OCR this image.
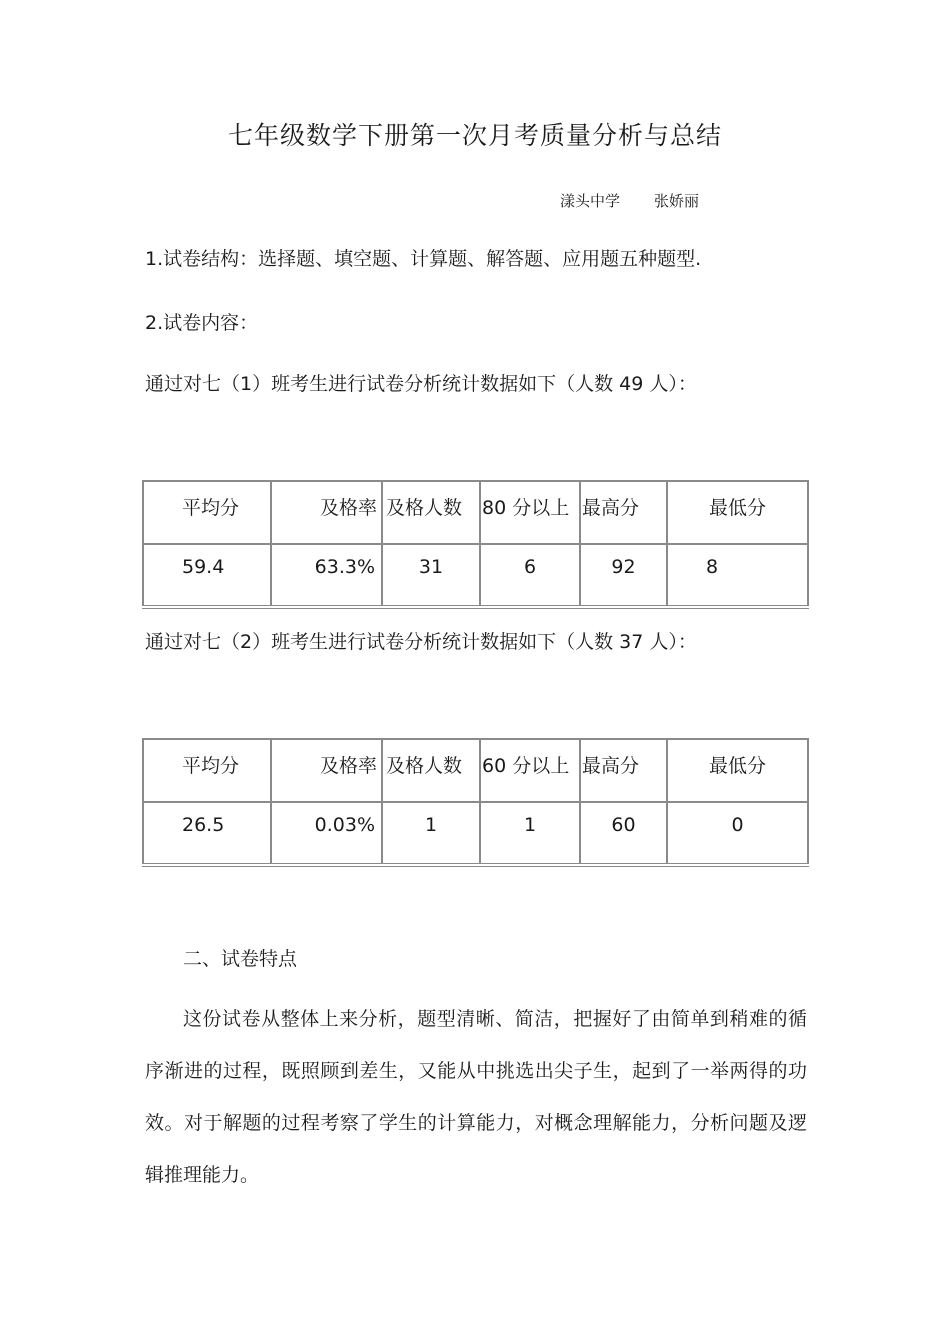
七年级数学下册第一次月考质量分析与总结
漾头中学 张娇丽
1.试卷结构：选择题、填空题、计算题、解答题、应用题五种题型.
2.试卷内容：
通过对七（1）班考生进行试卷分析统计数据如下（人数 49 人）：
平均分	及格率	及格人数	80 分以上	最高分	最低分
59.4	63.3%	31	6	92	8
通过对七（2）班考生进行试卷分析统计数据如下（人数 37 人）：
平均分	及格率	及格人数	60 分以上	最高分	最低分
26.5	0.03%	1	1	60	0
二、试卷特点
这份试卷从整体上来分析，题型清晰、简洁，把握好了由简单到稍难的循序渐进的过程，既照顾到差生，又能从中挑选出尖子生，起到了一举两得的功效。对于解题的过程考察了学生的计算能力，对概念理解能力，分析问题及逻辑推理能力。
